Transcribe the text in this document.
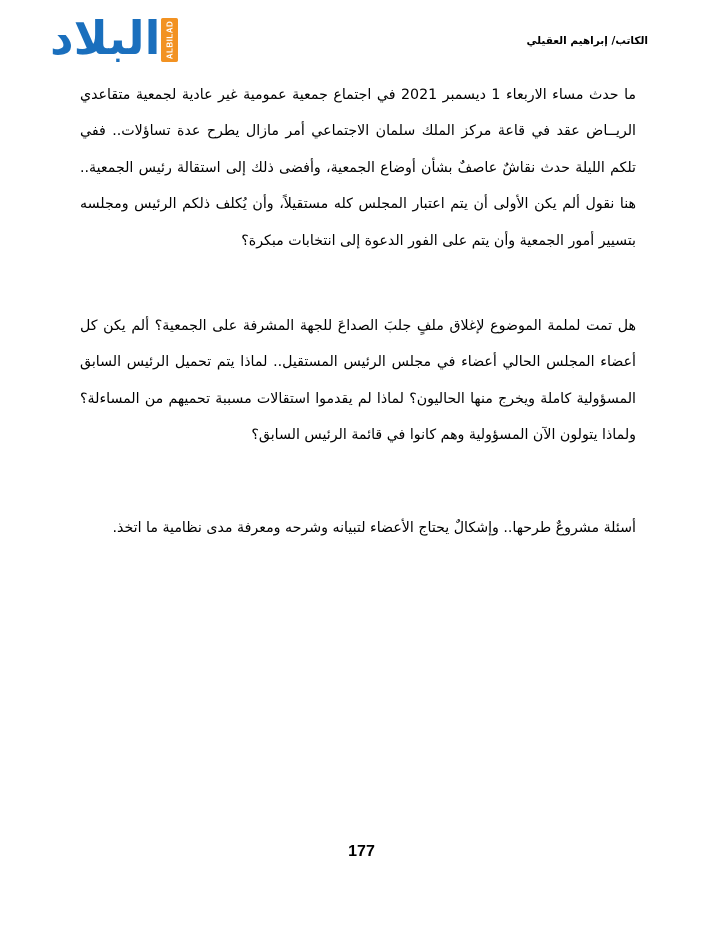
البلاد ALBILAD	الكاتب/ إبراهيم العقيلي

ما حدث مساء الاربعاء 1 ديسمبر 2021 في اجتماع جمعية عمومية غير عادية لجمعية متقاعدي الريــاض عقد في قاعة مركز الملك سلمان الاجتماعي أمر مازال يطرح عدة تساؤلات.. ففي تلكم الليلة حدث نقاشٌ عاصفٌ بشأن أوضاع الجمعية، وأفضى ذلك إلى استقالة رئيس الجمعية.. هنا نقول ألم يكن الأولى أن يتم اعتبار المجلس كله مستقيلاً، وأن يُكلف ذلكم الرئيس ومجلسه بتسيير أمور الجمعية وأن يتم على الفور الدعوة إلى انتخابات مبكرة؟

هل تمت لملمة الموضوع لإغلاق ملفٍ جلبَ الصداعَ للجهة المشرفة على الجمعية؟ ألم يكن كل أعضاء المجلس الحالي أعضاء في مجلس الرئيس المستقيل.. لماذا يتم تحميل الرئيس السابق المسؤولية كاملة ويخرج منها الحاليون؟ لماذا لم يقدموا استقالات مسببة تحميهم من المساءلة؟ ولماذا يتولون الآن المسؤولية وهم كانوا في قائمة الرئيس السابق؟

أسئلة مشروعٌ طرحها.. وإشكالٌ يحتاج الأعضاء لتبيانه وشرحه ومعرفة مدى نظامية ما اتخذ.

177
